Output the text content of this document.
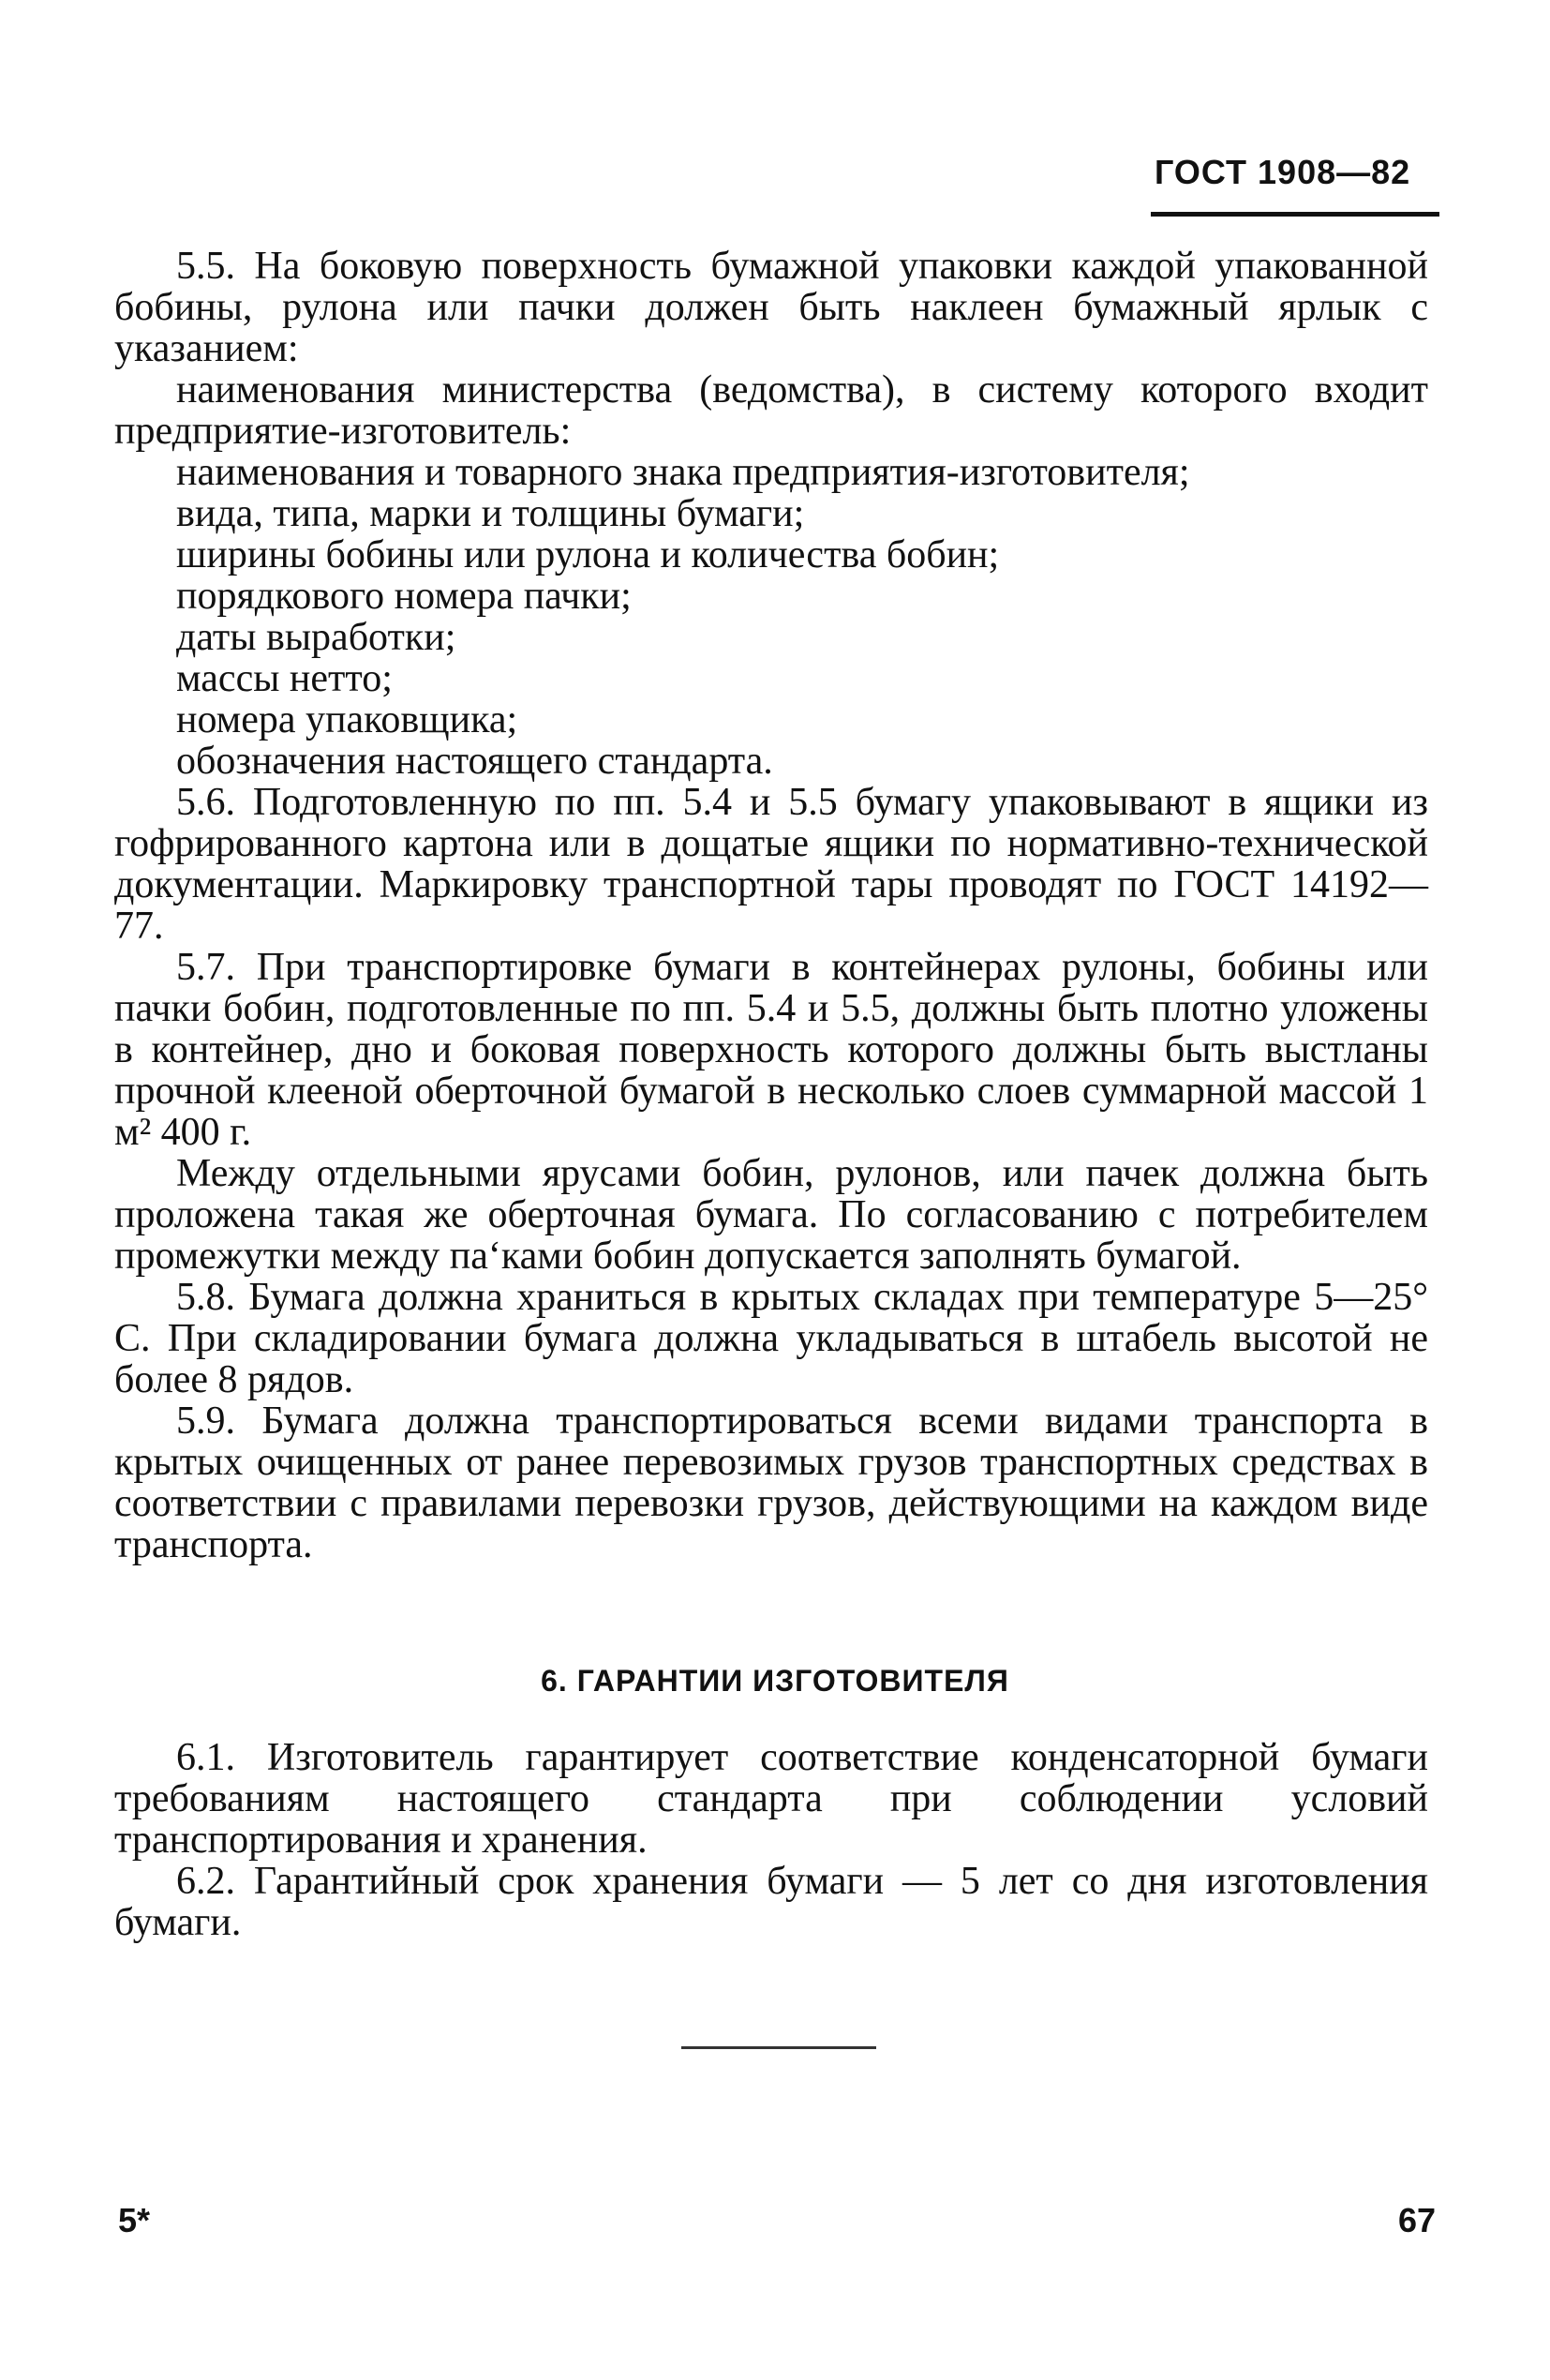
ГОСТ 1908—82

5.5. На боковую поверхность бумажной упаковки каждой упакованной бобины, рулона или пачки должен быть наклеен бумажный ярлык с указанием:

наименования министерства (ведомства), в систему которого входит предприятие-изготовитель:

наименования и товарного знака предприятия-изготовителя;

вида, типа, марки и толщины бумаги;

ширины бобины или рулона и количества бобин;

порядкового номера пачки;

даты выработки;

массы нетто;

номера упаковщика;

обозначения настоящего стандарта.

5.6. Подготовленную по пп. 5.4 и 5.5 бумагу упаковывают в ящики из гофрированного картона или в дощатые ящики по нормативно-технической документации. Маркировку транспортной тары проводят по ГОСТ 14192—77.

5.7. При транспортировке бумаги в контейнерах рулоны, бобины или пачки бобин, подготовленные по пп. 5.4 и 5.5, должны быть плотно уложены в контейнер, дно и боковая поверхность которого должны быть выстланы прочной клееной оберточной бумагой в несколько слоев суммарной массой 1 м² 400 г.

Между отдельными ярусами бобин, рулонов, или пачек должна быть проложена такая же оберточная бумага. По согласованию с потребителем промежутки между па‘ками бобин допускается заполнять бумагой.

5.8. Бумага должна храниться в крытых складах при температуре 5—25° С. При складировании бумага должна укладываться в штабель высотой не более 8 рядов.

5.9. Бумага должна транспортироваться всеми видами транспорта в крытых очищенных от ранее перевозимых грузов транспортных средствах в соответствии с правилами перевозки грузов, действующими на каждом виде транспорта.

6. ГАРАНТИИ ИЗГОТОВИТЕЛЯ

6.1. Изготовитель гарантирует соответствие конденсаторной бумаги требованиям настоящего стандарта при соблюдении условий транспортирования и хранения.

6.2. Гарантийный срок хранения бумаги — 5 лет со дня изготовления бумаги.

5*	67
